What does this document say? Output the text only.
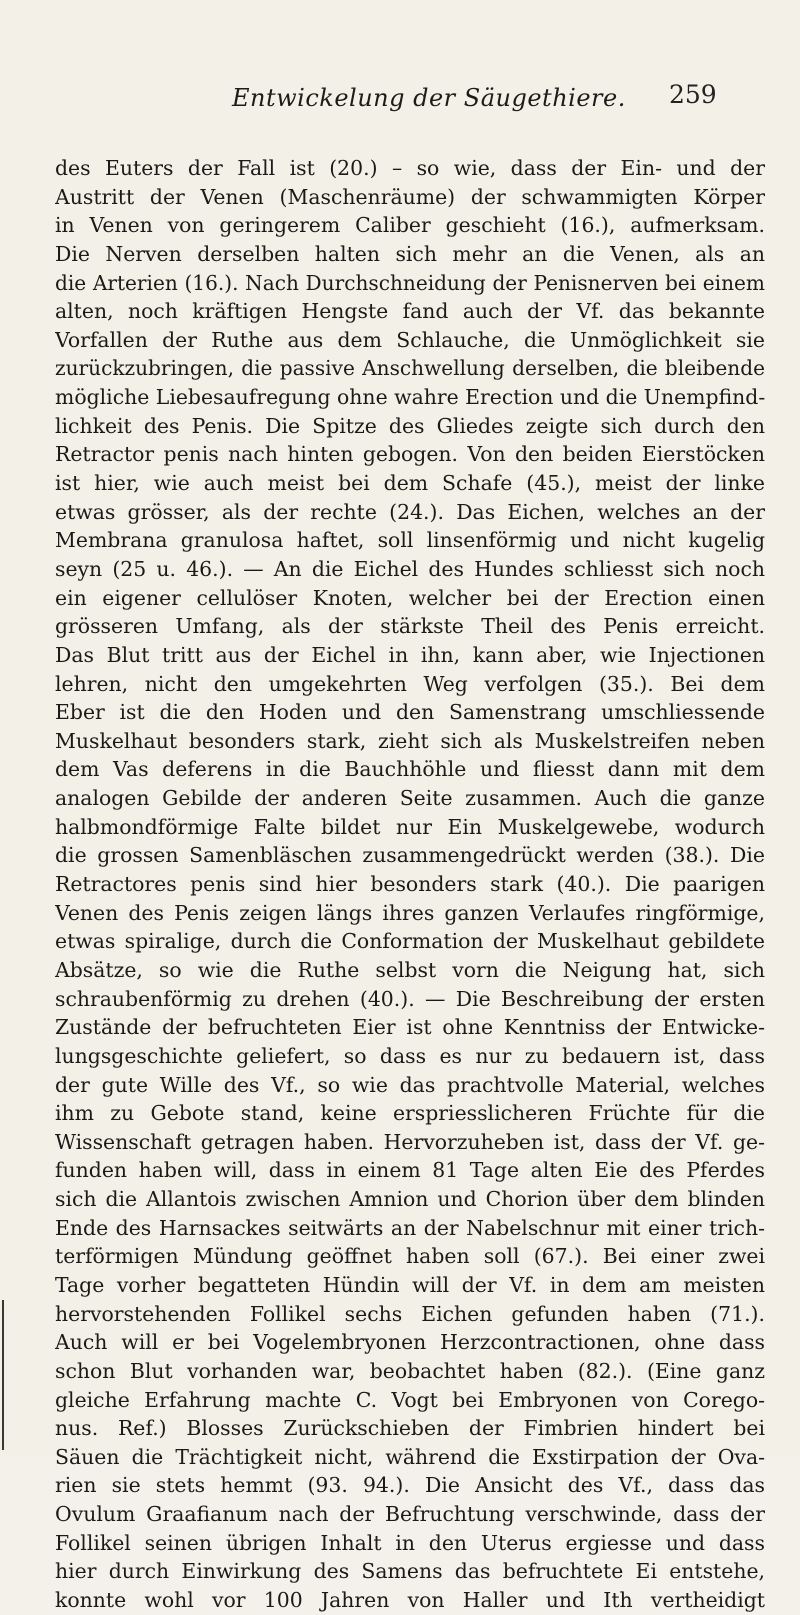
Entwickelung der Säugethiere. 259
des Euters der Fall ist (20.) – so wie, dass der Ein- und der
Austritt der Venen (Maschenräume) der schwammigten Körper
in Venen von geringerem Caliber geschieht (16.), aufmerksam.
Die Nerven derselben halten sich mehr an die Venen, als an
die Arterien (16.). Nach Durchschneidung der Penisnerven bei einem
alten, noch kräftigen Hengste fand auch der Vf. das bekannte
Vorfallen der Ruthe aus dem Schlauche, die Unmöglichkeit sie
zurückzubringen, die passive Anschwellung derselben, die bleibende
mögliche Liebesaufregung ohne wahre Erection und die Unempfind-
lichkeit des Penis. Die Spitze des Gliedes zeigte sich durch den
Retractor penis nach hinten gebogen. Von den beiden Eierstöcken
ist hier, wie auch meist bei dem Schafe (45.), meist der linke
etwas grösser, als der rechte (24.). Das Eichen, welches an der
Membrana granulosa haftet, soll linsenförmig und nicht kugelig
seyn (25 u. 46.). — An die Eichel des Hundes schliesst sich noch
ein eigener cellulöser Knoten, welcher bei der Erection einen
grösseren Umfang, als der stärkste Theil des Penis erreicht.
Das Blut tritt aus der Eichel in ihn, kann aber, wie Injectionen
lehren, nicht den umgekehrten Weg verfolgen (35.). Bei dem
Eber ist die den Hoden und den Samenstrang umschliessende
Muskelhaut besonders stark, zieht sich als Muskelstreifen neben
dem Vas deferens in die Bauchhöhle und fliesst dann mit dem
analogen Gebilde der anderen Seite zusammen. Auch die ganze
halbmondförmige Falte bildet nur Ein Muskelgewebe, wodurch
die grossen Samenbläschen zusammengedrückt werden (38.). Die
Retractores penis sind hier besonders stark (40.). Die paarigen
Venen des Penis zeigen längs ihres ganzen Verlaufes ringförmige,
etwas spiralige, durch die Conformation der Muskelhaut gebildete
Absätze, so wie die Ruthe selbst vorn die Neigung hat, sich
schraubenförmig zu drehen (40.). — Die Beschreibung der ersten
Zustände der befruchteten Eier ist ohne Kenntniss der Entwicke-
lungsgeschichte geliefert, so dass es nur zu bedauern ist, dass
der gute Wille des Vf., so wie das prachtvolle Material, welches
ihm zu Gebote stand, keine erspriesslicheren Früchte für die
Wissenschaft getragen haben. Hervorzuheben ist, dass der Vf. ge-
funden haben will, dass in einem 81 Tage alten Eie des Pferdes
sich die Allantois zwischen Amnion und Chorion über dem blinden
Ende des Harnsackes seitwärts an der Nabelschnur mit einer trich-
terförmigen Mündung geöffnet haben soll (67.). Bei einer zwei
Tage vorher begatteten Hündin will der Vf. in dem am meisten
hervorstehenden Follikel sechs Eichen gefunden haben (71.).
Auch will er bei Vogelembryonen Herzcontractionen, ohne dass
schon Blut vorhanden war, beobachtet haben (82.). (Eine ganz
gleiche Erfahrung machte C. Vogt bei Embryonen von Corego-
nus. Ref.) Blosses Zurückschieben der Fimbrien hindert bei
Säuen die Trächtigkeit nicht, während die Exstirpation der Ova-
rien sie stets hemmt (93. 94.). Die Ansicht des Vf., dass das
Ovulum Graafianum nach der Befruchtung verschwinde, dass der
Follikel seinen übrigen Inhalt in den Uterus ergiesse und dass
hier durch Einwirkung des Samens das befruchtete Ei entstehe,
konnte wohl vor 100 Jahren von Haller und Ith vertheidigt
